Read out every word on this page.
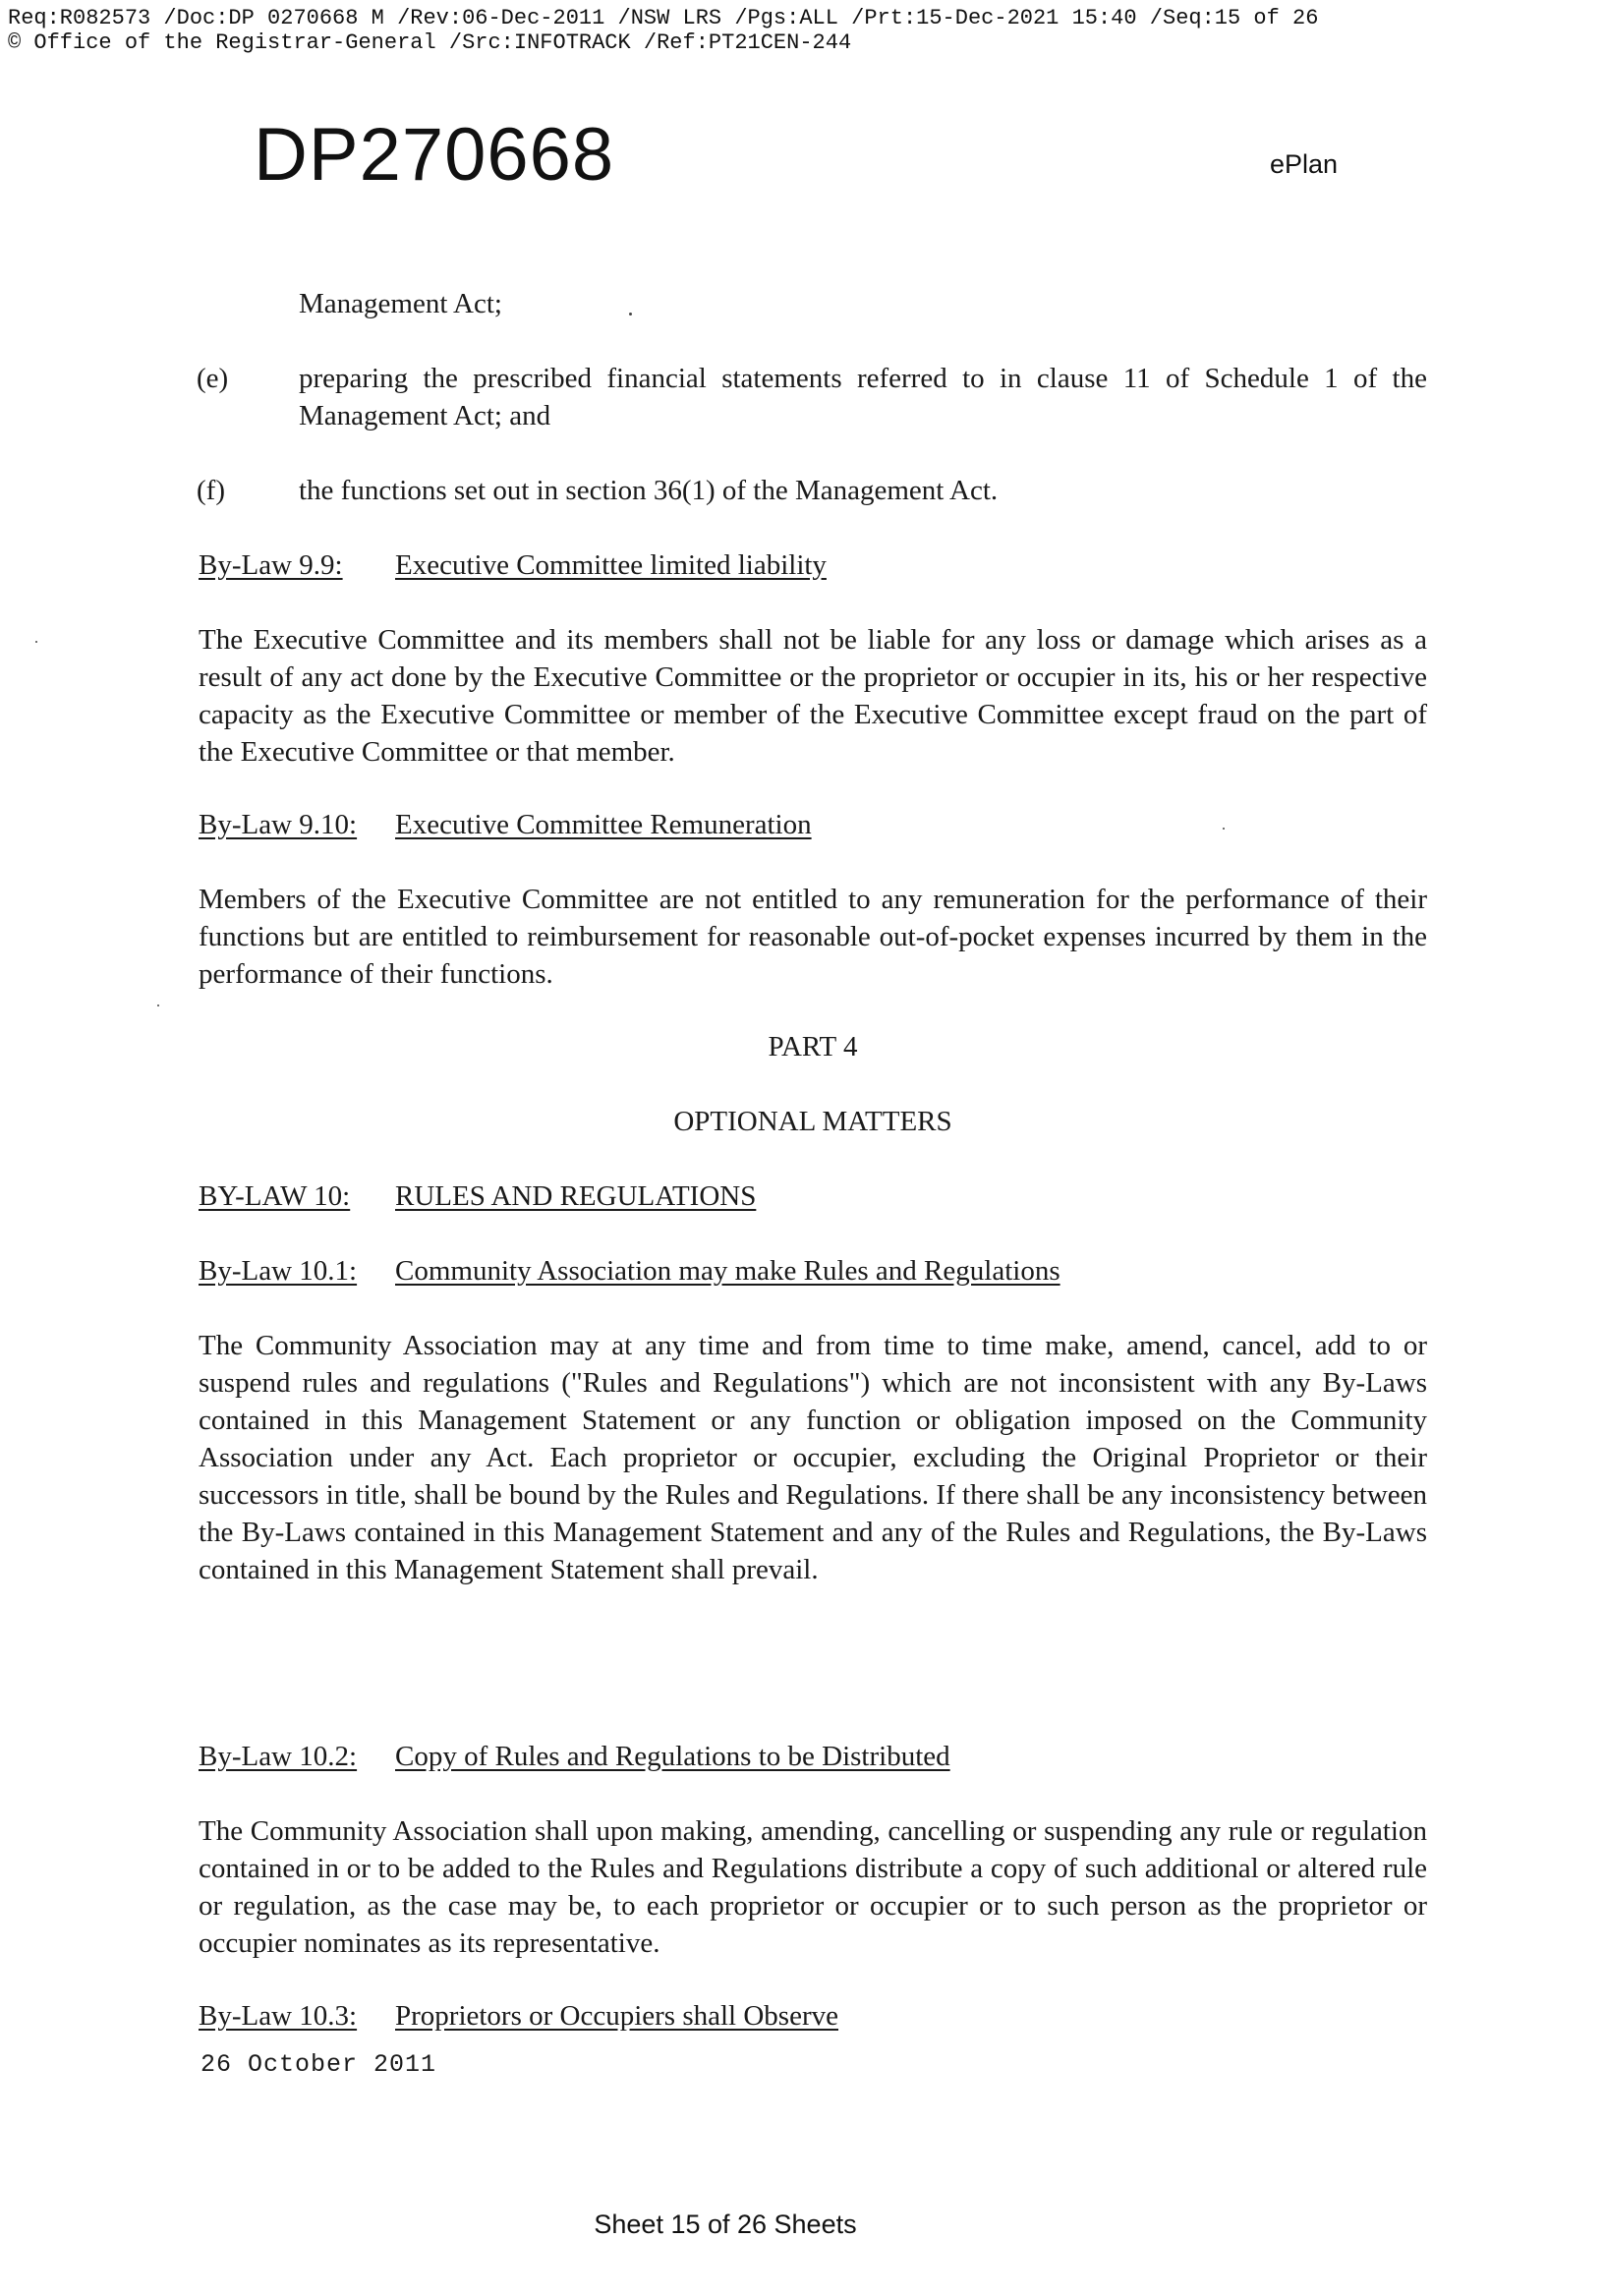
Req:R082573 /Doc:DP 0270668 M /Rev:06-Dec-2011 /NSW LRS /Pgs:ALL /Prt:15-Dec-2021 15:40 /Seq:15 of 26
© Office of the Registrar-General /Src:INFOTRACK /Ref:PT21CEN-244
DP270668	ePlan
Management Act;
(e) preparing the prescribed financial statements referred to in clause 11 of Schedule 1 of the Management Act; and
(f)	the functions set out in section 36(1) of the Management Act.
By-Law 9.9: Executive Committee limited liability
The Executive Committee and its members shall not be liable for any loss or damage which arises as a result of any act done by the Executive Committee or the proprietor or occupier in its, his or her respective capacity as the Executive Committee or member of the Executive Committee except fraud on the part of the Executive Committee or that member.
By-Law 9.10: Executive Committee Remuneration
Members of the Executive Committee are not entitled to any remuneration for the performance of their functions but are entitled to reimbursement for reasonable out-of-pocket expenses incurred by them in the performance of their functions.
PART 4
OPTIONAL MATTERS
BY-LAW 10: RULES AND REGULATIONS
By-Law 10.1: Community Association may make Rules and Regulations
The Community Association may at any time and from time to time make, amend, cancel, add to or suspend rules and regulations ("Rules and Regulations") which are not inconsistent with any By-Laws contained in this Management Statement or any function or obligation imposed on the Community Association under any Act. Each proprietor or occupier, excluding the Original Proprietor or their successors in title, shall be bound by the Rules and Regulations. If there shall be any inconsistency between the By-Laws contained in this Management Statement and any of the Rules and Regulations, the By-Laws contained in this Management Statement shall prevail.
By-Law 10.2: Copy of Rules and Regulations to be Distributed
The Community Association shall upon making, amending, cancelling or suspending any rule or regulation contained in or to be added to the Rules and Regulations distribute a copy of such additional or altered rule or regulation, as the case may be, to each proprietor or occupier or to such person as the proprietor or occupier nominates as its representative.
By-Law 10.3: Proprietors or Occupiers shall Observe
26 October 2011
Sheet 15 of 26 Sheets
